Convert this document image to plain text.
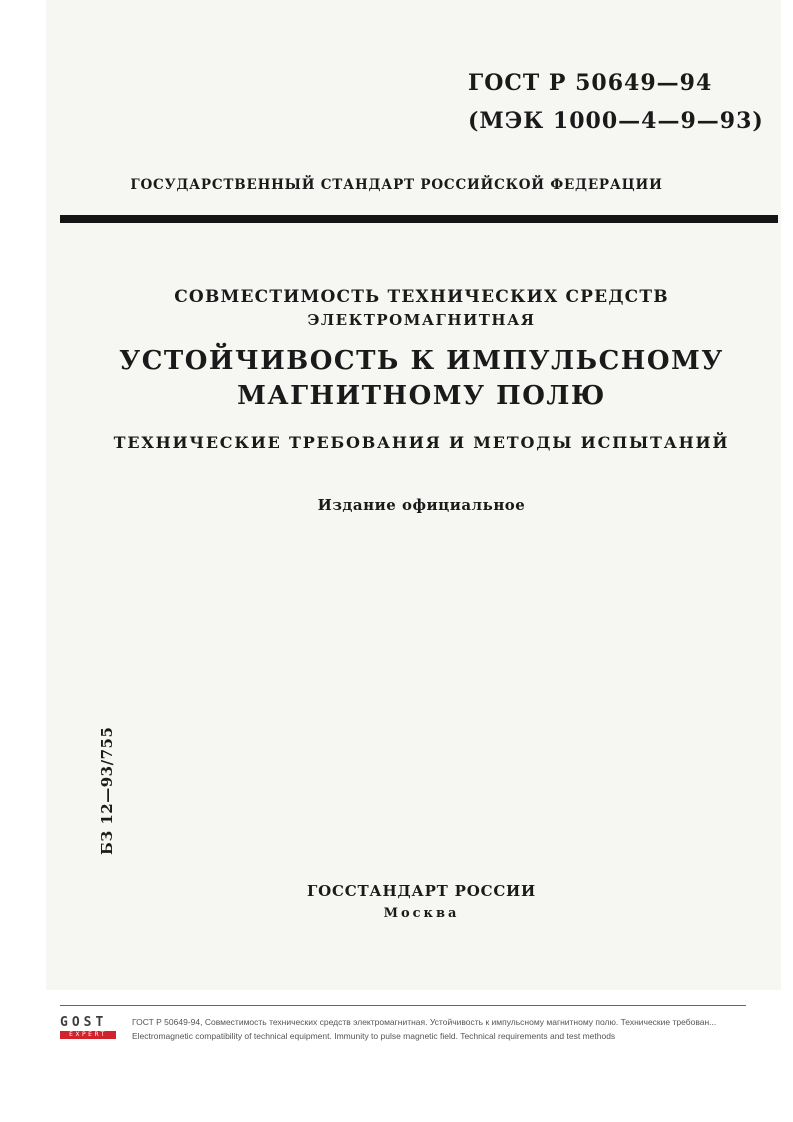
ГОСТ Р 50649—94
(МЭК 1000—4—9—93)
ГОСУДАРСТВЕННЫЙ СТАНДАРТ РОССИЙСКОЙ ФЕДЕРАЦИИ
СОВМЕСТИМОСТЬ ТЕХНИЧЕСКИХ СРЕДСТВ
ЭЛЕКТРОМАГНИТНАЯ
УСТОЙЧИВОСТЬ К ИМПУЛЬСНОМУ
МАГНИТНОМУ ПОЛЮ
ТЕХНИЧЕСКИЕ ТРЕБОВАНИЯ И МЕТОДЫ ИСПЫТАНИЙ
Издание официальное
БЗ 12—93/755
ГОССТАНДАРТ РОССИИ
Москва
GOST
EXPERT
ГОСТ Р 50649-94, Совместимость технических средств электромагнитная. Устойчивость к импульсному магнитному полю. Технические требован...
Electromagnetic compatibility of technical equipment. Immunity to pulse magnetic field. Technical requirements and test methods
